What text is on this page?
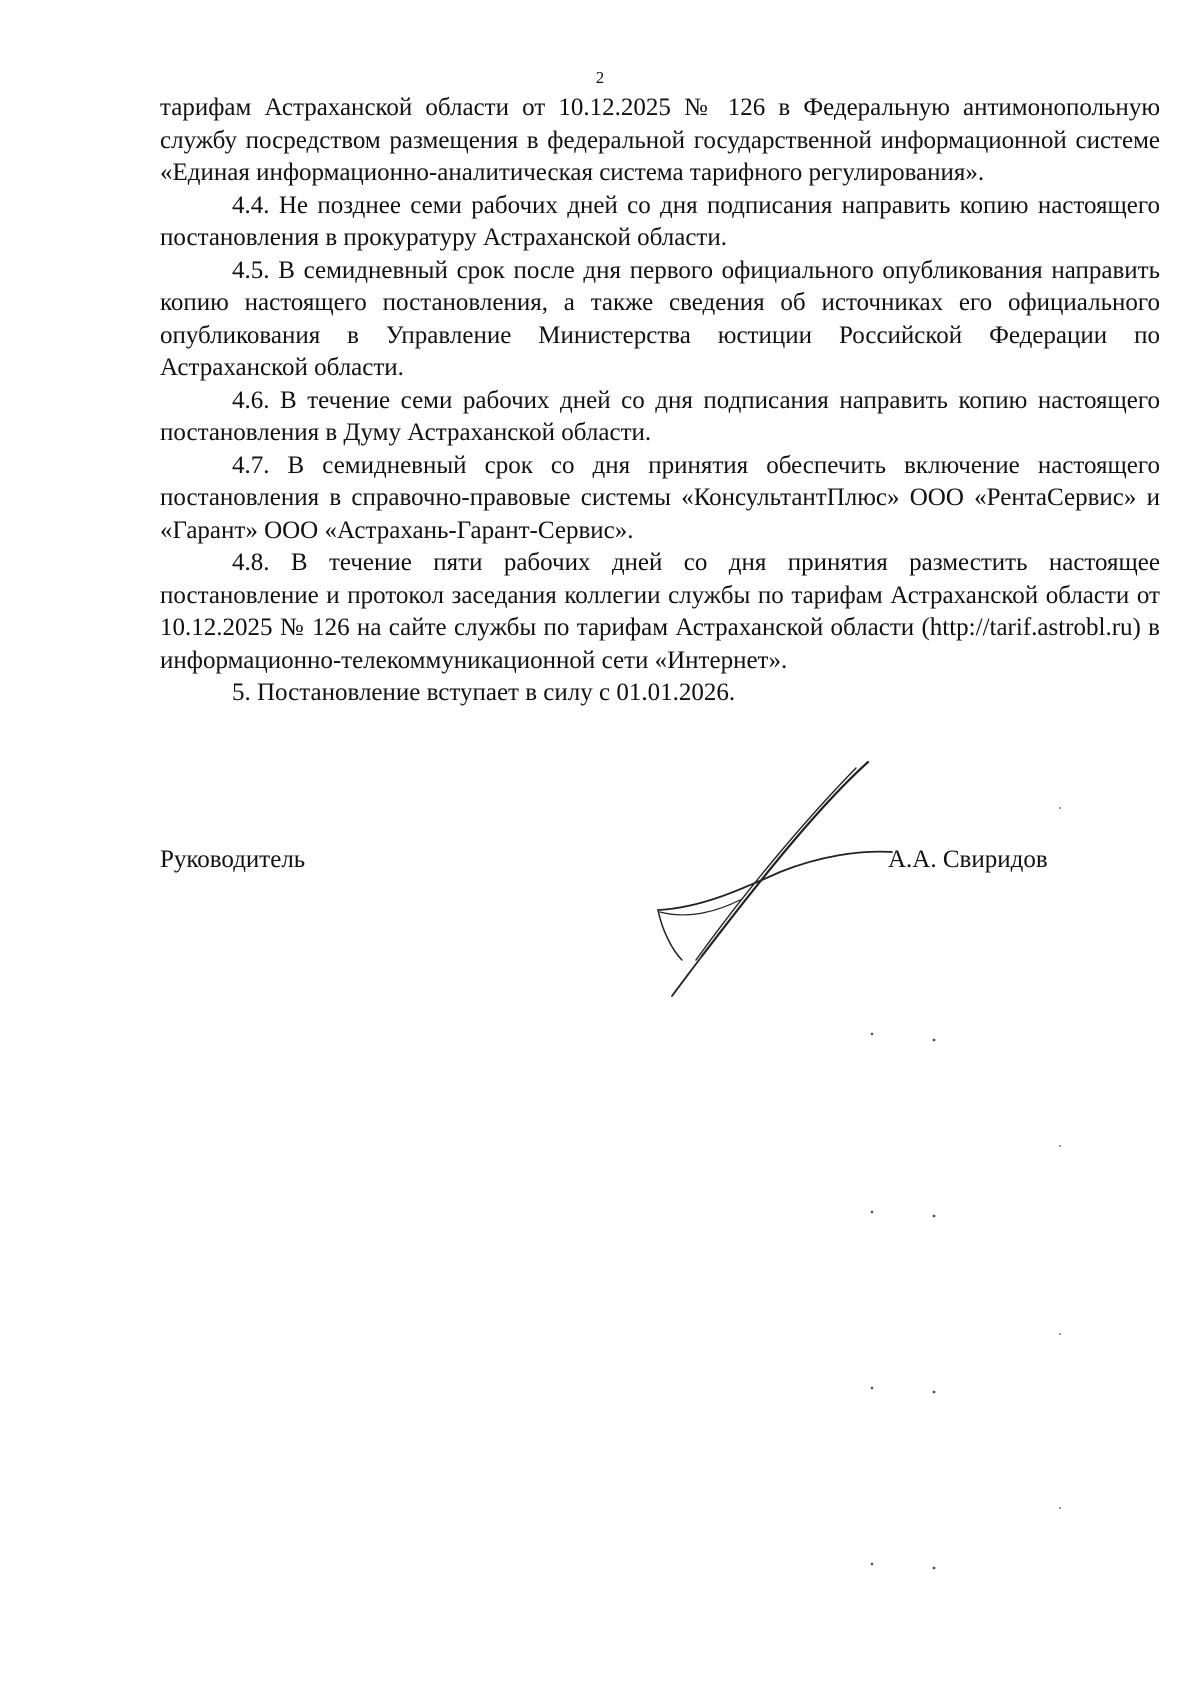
2

тарифам Астраханской области от 10.12.2025 № 126 в Федеральную антимонопольную службу посредством размещения в федеральной государственной информационной системе «Единая информационно-аналитическая система тарифного регулирования».

4.4. Не позднее семи рабочих дней со дня подписания направить копию настоящего постановления в прокуратуру Астраханской области.

4.5. В семидневный срок после дня первого официального опубликования направить копию настоящего постановления, а также сведения об источниках его официального опубликования в Управление Министерства юстиции Российской Федерации по Астраханской области.

4.6. В течение семи рабочих дней со дня подписания направить копию настоящего постановления в Думу Астраханской области.

4.7. В семидневный срок со дня принятия обеспечить включение настоящего постановления в справочно-правовые системы «КонсультантПлюс» ООО «РентаСервис» и «Гарант» ООО «Астрахань-Гарант-Сервис».

4.8. В течение пяти рабочих дней со дня принятия разместить настоящее постановление и протокол заседания коллегии службы по тарифам Астраханской области от 10.12.2025 № 126 на сайте службы по тарифам Астраханской области (http://tarif.astrobl.ru) в информационно-телекоммуникационной сети «Интернет».

5. Постановление вступает в силу с 01.01.2026.

Руководитель	А.А. Свиридов
